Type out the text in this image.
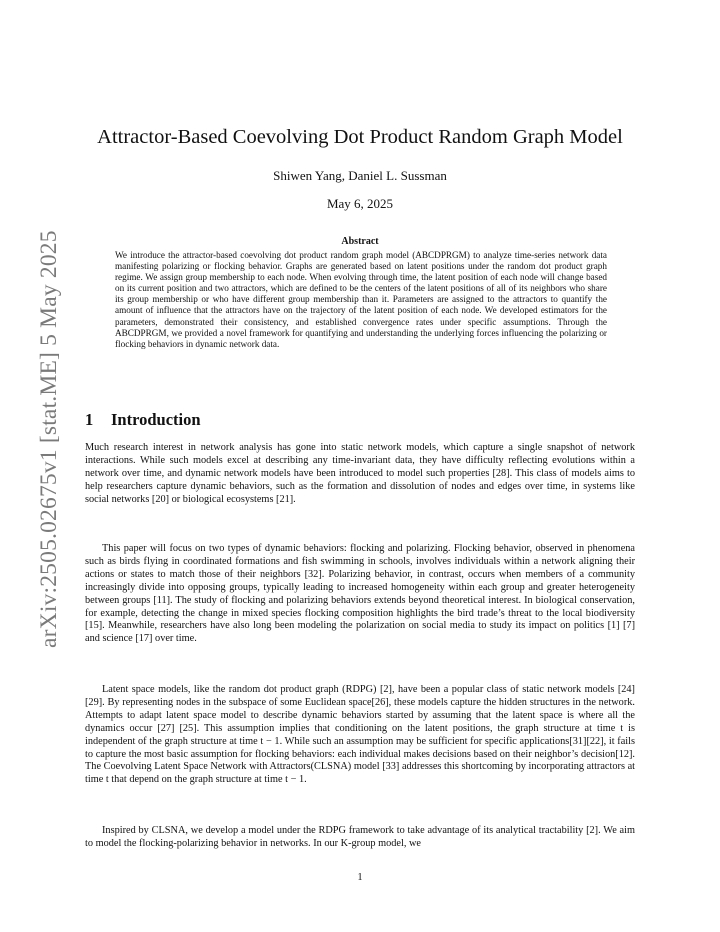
arXiv:2505.02675v1 [stat.ME] 5 May 2025
Attractor-Based Coevolving Dot Product Random Graph Model
Shiwen Yang, Daniel L. Sussman
May 6, 2025
Abstract

We introduce the attractor-based coevolving dot product random graph model (ABCDPRGM) to analyze time-series network data manifesting polarizing or flocking behavior. Graphs are generated based on latent positions under the random dot product graph regime. We assign group membership to each node. When evolving through time, the latent position of each node will change based on its current position and two attractors, which are defined to be the centers of the latent positions of all of its neighbors who share its group membership or who have different group membership than it. Parameters are assigned to the attractors to quantify the amount of influence that the attractors have on the trajectory of the latent position of each node. We developed estimators for the parameters, demonstrated their consistency, and established convergence rates under specific assumptions. Through the ABCDPRGM, we provided a novel framework for quantifying and understanding the underlying forces influencing the polarizing or flocking behaviors in dynamic network data.

1 Introduction

Much research interest in network analysis has gone into static network models, which capture a single snapshot of network interactions. While such models excel at describing any time-invariant data, they have difficulty reflecting evolutions within a network over time, and dynamic network models have been introduced to model such properties [28]. This class of models aims to help researchers capture dynamic behaviors, such as the formation and dissolution of nodes and edges over time, in systems like social networks [20] or biological ecosystems [21].

This paper will focus on two types of dynamic behaviors: flocking and polarizing. Flocking behavior, observed in phenomena such as birds flying in coordinated formations and fish swimming in schools, involves individuals within a network aligning their actions or states to match those of their neighbors [32]. Polarizing behavior, in contrast, occurs when members of a community increasingly divide into opposing groups, typically leading to increased homogeneity within each group and greater heterogeneity between groups [11]. The study of flocking and polarizing behaviors extends beyond theoretical interest. In biological conservation, for example, detecting the change in mixed species flocking composition highlights the bird trade’s threat to the local biodiversity [15]. Meanwhile, researchers have also long been modeling the polarization on social media to study its impact on politics [1] [7] and science [17] over time.

Latent space models, like the random dot product graph (RDPG) [2], have been a popular class of static network models [24] [29]. By representing nodes in the subspace of some Euclidean space[26], these models capture the hidden structures in the network. Attempts to adapt latent space model to describe dynamic behaviors started by assuming that the latent space is where all the dynamics occur [27] [25]. This assumption implies that conditioning on the latent positions, the graph structure at time t is independent of the graph structure at time t − 1. While such an assumption may be sufficient for specific applications[31][22], it fails to capture the most basic assumption for flocking behaviors: each individual makes decisions based on their neighbor’s decision[12]. The Coevolving Latent Space Network with Attractors(CLSNA) model [33] addresses this shortcoming by incorporating attractors at time t that depend on the graph structure at time t − 1.

Inspired by CLSNA, we develop a model under the RDPG framework to take advantage of its analytical tractability [2]. We aim to model the flocking-polarizing behavior in networks. In our K-group model, we

1
